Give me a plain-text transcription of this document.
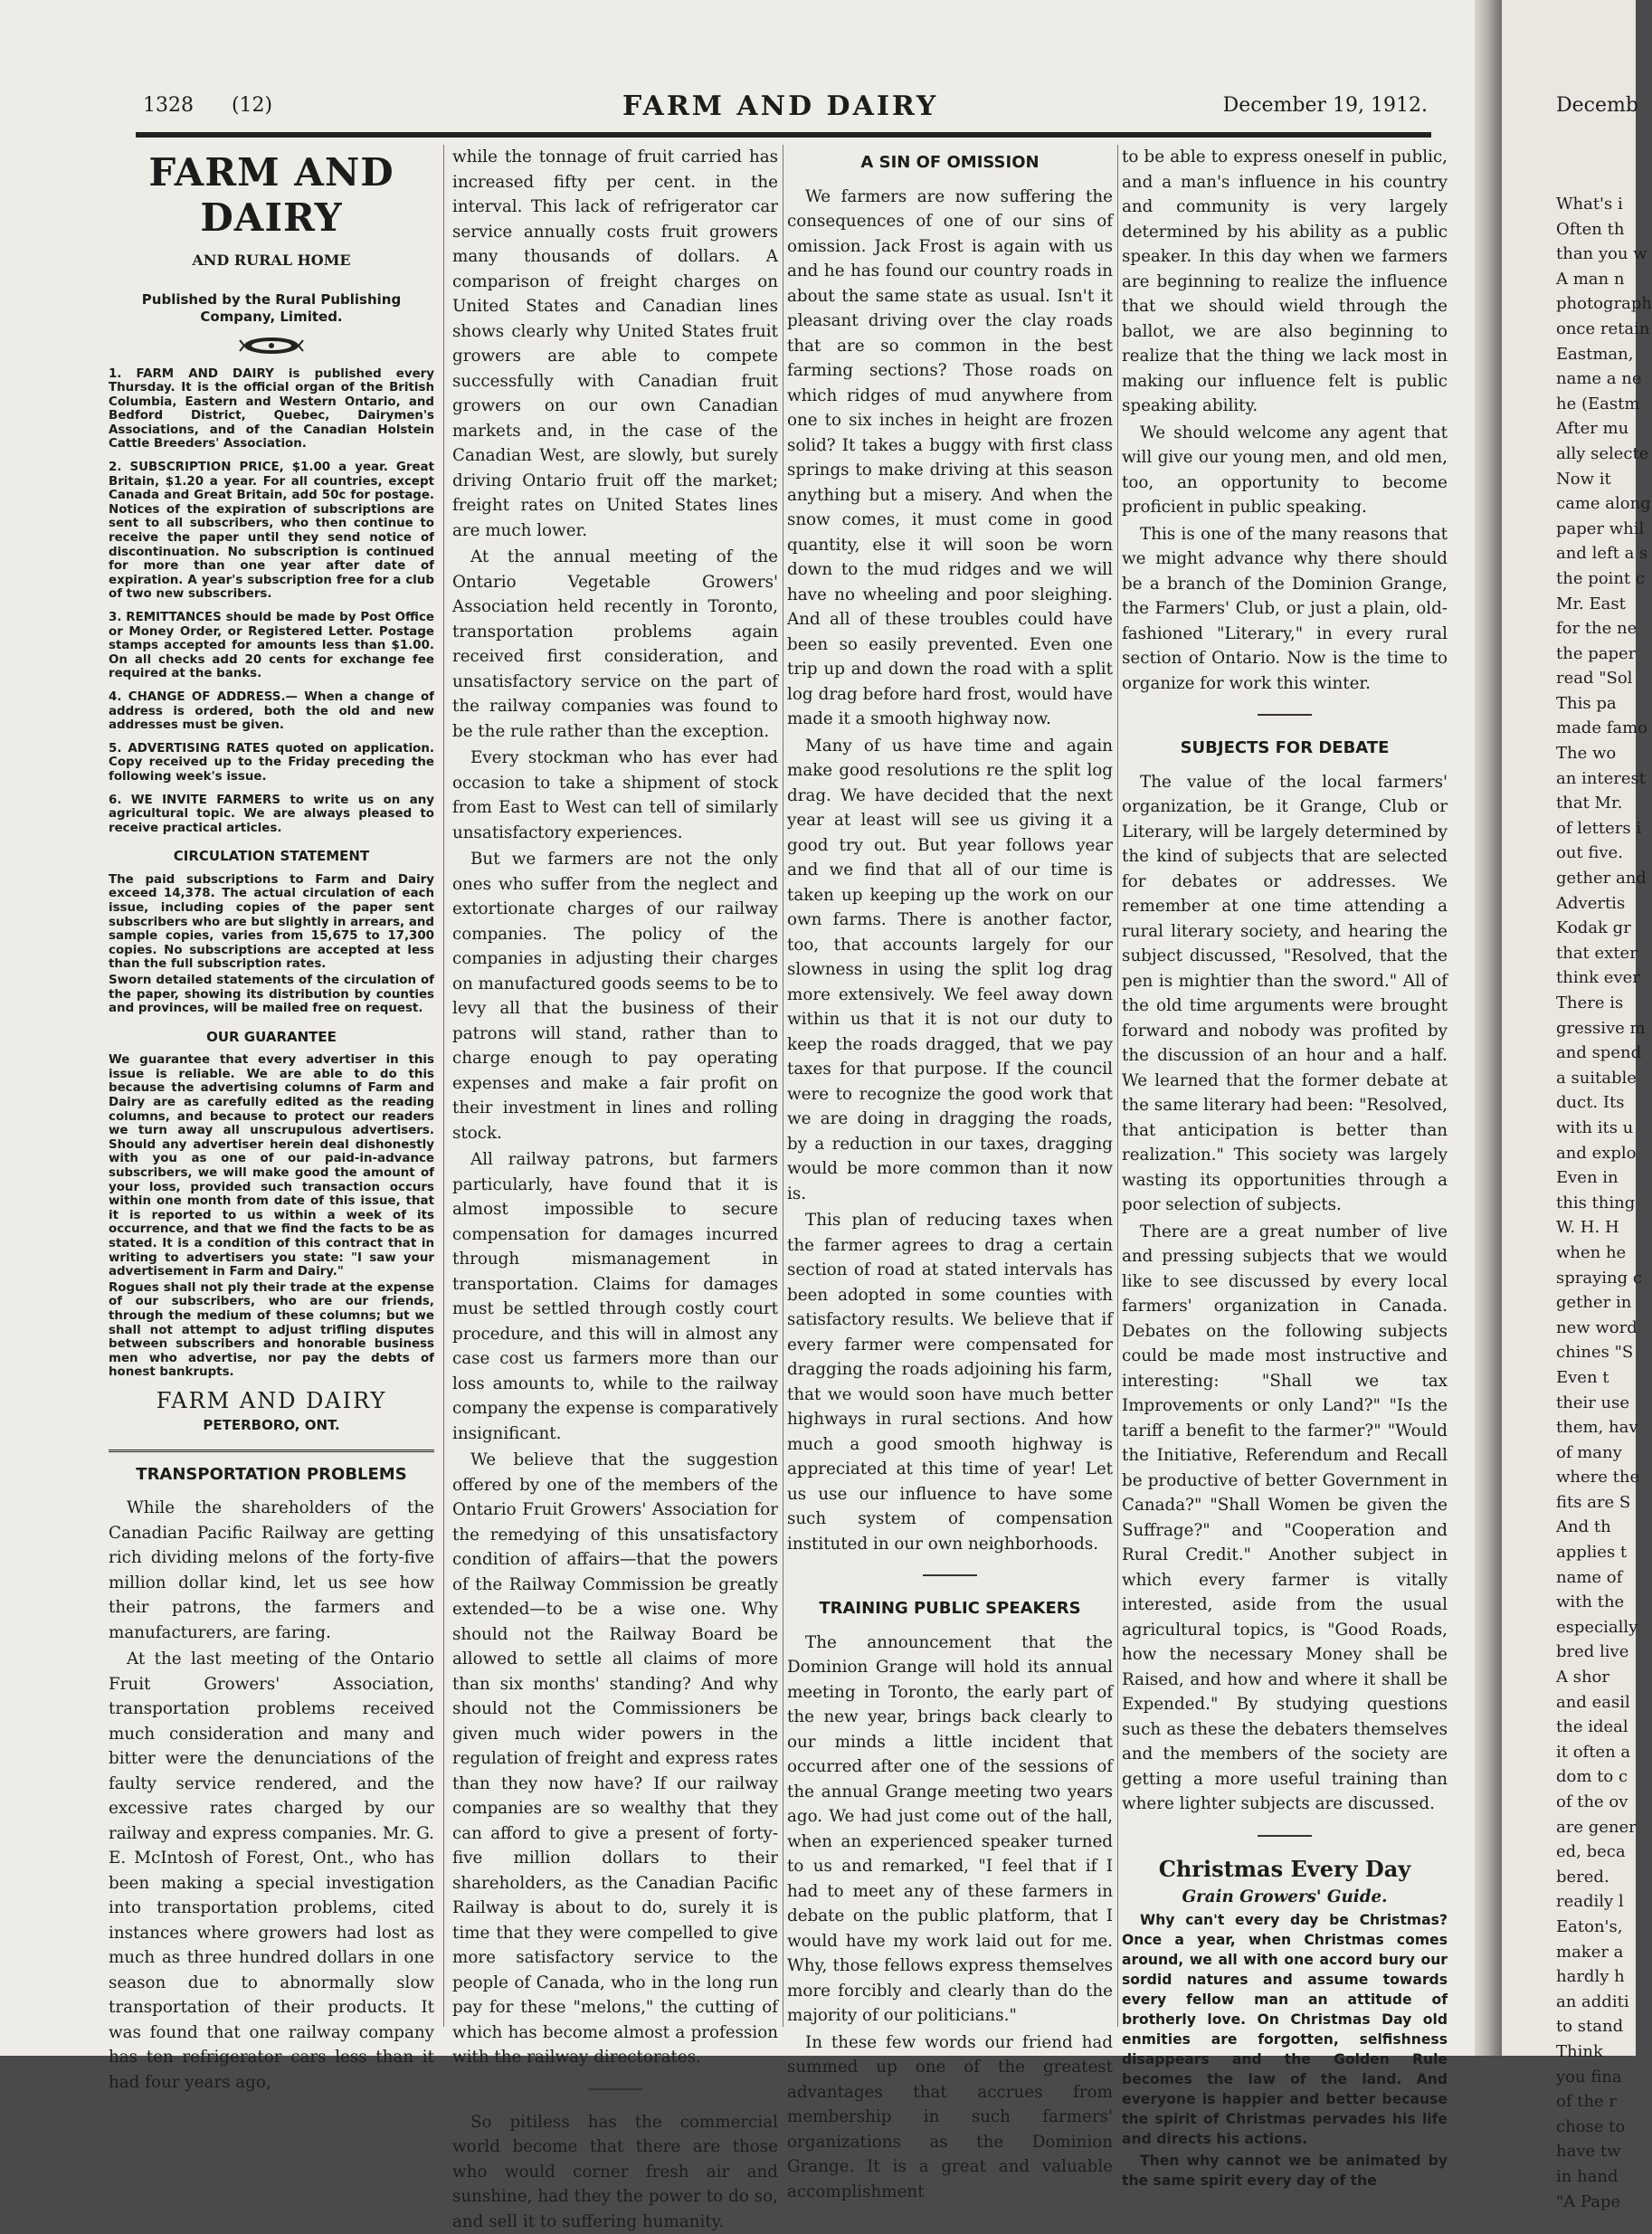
1328 (12)	FARM AND DAIRY	December 19, 1912.
FARM AND DAIRY
AND RURAL HOME
Published by the Rural Publishing Company, Limited.
1. FARM AND DAIRY is published every Thursday. It is the official organ of the British Columbia, Eastern and Western Ontario, and Bedford District, Quebec, Dairymen's Associations, and of the Canadian Holstein Cattle Breeders' Association.
2. SUBSCRIPTION PRICE, $1.00 a year. Great Britain, $1.20 a year. For all countries, except Canada and Great Britain, add 50c for postage. Notices of the expiration of subscriptions are sent to all subscribers, who then continue to receive the paper until they send notice of discontinuation. No subscription is continued for more than one year after date of expiration. A year's subscription free for a club of two new subscribers.
3. REMITTANCES should be made by Post Office or Money Order, or Registered Letter. Postage stamps accepted for amounts less than $1.00. On all checks add 20 cents for exchange fee required at the banks.
4. CHANGE OF ADDRESS.— When a change of address is ordered, both the old and new addresses must be given.
5. ADVERTISING RATES quoted on application. Copy received up to the Friday preceding the following week's issue.
6. WE INVITE FARMERS to write us on any agricultural topic. We are always pleased to receive practical articles.
CIRCULATION STATEMENT
The paid subscriptions to Farm and Dairy exceed 14,378. The actual circulation of each issue, including copies of the paper sent subscribers who are but slightly in arrears, and sample copies, varies from 15,675 to 17,300 copies. No subscriptions are accepted at less than the full subscription rates.
Sworn detailed statements of the circulation of the paper, showing its distribution by counties and provinces, will be mailed free on request.
OUR GUARANTEE
We guarantee that every advertiser in this issue is reliable. We are able to do this because the advertising columns of Farm and Dairy are as carefully edited as the reading columns, and because to protect our readers we turn away all unscrupulous advertisers. Should any advertiser herein deal dishonestly with you as one of our paid-in-advance subscribers, we will make good the amount of your loss, provided such transaction occurs within one month from date of this issue, that it is reported to us within a week of its occurrence, and that we find the facts to be as stated. It is a condition of this contract that in writing to advertisers you state: "I saw your advertisement in Farm and Dairy."
Rogues shall not ply their trade at the expense of our subscribers, who are our friends, through the medium of these columns; but we shall not attempt to adjust trifling disputes between subscribers and honorable business men who advertise, nor pay the debts of honest bankrupts.
FARM AND DAIRY
PETERBORO, ONT.
TRANSPORTATION PROBLEMS

While the shareholders of the Canadian Pacific Railway are getting rich dividing melons of the forty-five million dollar kind, let us see how their patrons, the farmers and manufacturers, are faring.

At the last meeting of the Ontario Fruit Growers' Association, transportation problems received much consideration and many and bitter were the denunciations of the faulty service rendered, and the excessive rates charged by our railway and express companies. Mr. G. E. McIntosh of Forest, Ont., who has been making a special investigation into transportation problems, cited instances where growers had lost as much as three hundred dollars in one season due to abnormally slow transportation of their products. It was found that one railway company has ten refrigerator cars less than it had four years ago,

while the tonnage of fruit carried has increased fifty per cent. in the interval. This lack of refrigerator car service annually costs fruit growers many thousands of dollars. A comparison of freight charges on United States and Canadian lines shows clearly why United States fruit growers are able to compete successfully with Canadian fruit growers on our own Canadian markets and, in the case of the Canadian West, are slowly, but surely driving Ontario fruit off the market; freight rates on United States lines are much lower.

At the annual meeting of the Ontario Vegetable Growers' Association held recently in Toronto, transportation problems again received first consideration, and unsatisfactory service on the part of the railway companies was found to be the rule rather than the exception.

Every stockman who has ever had occasion to take a shipment of stock from East to West can tell of similarly unsatisfactory experiences.

But we farmers are not the only ones who suffer from the neglect and extortionate charges of our railway companies. The policy of the companies in adjusting their charges on manufactured goods seems to be to levy all that the business of their patrons will stand, rather than to charge enough to pay operating expenses and make a fair profit on their investment in lines and rolling stock.

All railway patrons, but farmers particularly, have found that it is almost impossible to secure compensation for damages incurred through mismanagement in transportation. Claims for damages must be settled through costly court procedure, and this will in almost any case cost us farmers more than our loss amounts to, while to the railway company the expense is comparatively insignificant.

We believe that the suggestion offered by one of the members of the Ontario Fruit Growers' Association for the remedying of this unsatisfactory condition of affairs—that the powers of the Railway Commission be greatly extended—to be a wise one. Why should not the Railway Board be allowed to settle all claims of more than six months' standing? And why should not the Commissioners be given much wider powers in the regulation of freight and express rates than they now have? If our railway companies are so wealthy that they can afford to give a present of forty-five million dollars to their shareholders, as the Canadian Pacific Railway is about to do, surely it is time that they were compelled to give more satisfactory service to the people of Canada, who in the long run pay for these "melons," the cutting of which has become almost a profession with the railway directorates.

So pitiless has the commercial world become that there are those who would corner fresh air and sunshine, had they the power to do so, and sell it to suffering humanity.

A SIN OF OMISSION

We farmers are now suffering the consequences of one of our sins of omission. Jack Frost is again with us and he has found our country roads in about the same state as usual. Isn't it pleasant driving over the clay roads that are so common in the best farming sections? Those roads on which ridges of mud anywhere from one to six inches in height are frozen solid? It takes a buggy with first class springs to make driving at this season anything but a misery. And when the snow comes, it must come in good quantity, else it will soon be worn down to the mud ridges and we will have no wheeling and poor sleighing. And all of these troubles could have been so easily prevented. Even one trip up and down the road with a split log drag before hard frost, would have made it a smooth highway now.

Many of us have time and again make good resolutions re the split log drag. We have decided that the next year at least will see us giving it a good try out. But year follows year and we find that all of our time is taken up keeping up the work on our own farms. There is another factor, too, that accounts largely for our slowness in using the split log drag more extensively. We feel away down within us that it is not our duty to keep the roads dragged, that we pay taxes for that purpose. If the council were to recognize the good work that we are doing in dragging the roads, by a reduction in our taxes, dragging would be more common than it now is.

This plan of reducing taxes when the farmer agrees to drag a certain section of road at stated intervals has been adopted in some counties with satisfactory results. We believe that if every farmer were compensated for dragging the roads adjoining his farm, that we would soon have much better highways in rural sections. And how much a good smooth highway is appreciated at this time of year! Let us use our influence to have some such system of compensation instituted in our own neighborhoods.

TRAINING PUBLIC SPEAKERS

The announcement that the Dominion Grange will hold its annual meeting in Toronto, the early part of the new year, brings back clearly to our minds a little incident that occurred after one of the sessions of the annual Grange meeting two years ago. We had just come out of the hall, when an experienced speaker turned to us and remarked, "I feel that if I had to meet any of these farmers in debate on the public platform, that I would have my work laid out for me. Why, those fellows express themselves more forcibly and clearly than do the majority of our politicians."

In these few words our friend had summed up one of the greatest advantages that accrues from membership in such farmers' organizations as the Dominion Grange. It is a great and valuable accomplishment

to be able to express oneself in public, and a man's influence in his country and community is very largely determined by his ability as a public speaker. In this day when we farmers are beginning to realize the influence that we should wield through the ballot, we are also beginning to realize that the thing we lack most in making our influence felt is public speaking ability.

We should welcome any agent that will give our young men, and old men, too, an opportunity to become proficient in public speaking.

This is one of the many reasons that we might advance why there should be a branch of the Dominion Grange, the Farmers' Club, or just a plain, old-fashioned "Literary," in every rural section of Ontario. Now is the time to organize for work this winter.

SUBJECTS FOR DEBATE

The value of the local farmers' organization, be it Grange, Club or Literary, will be largely determined by the kind of subjects that are selected for debates or addresses. We remember at one time attending a rural literary society, and hearing the subject discussed, "Resolved, that the pen is mightier than the sword." All of the old time arguments were brought forward and nobody was profited by the discussion of an hour and a half. We learned that the former debate at the same literary had been: "Resolved, that anticipation is better than realization." This society was largely wasting its opportunities through a poor selection of subjects.

There are a great number of live and pressing subjects that we would like to see discussed by every local farmers' organization in Canada. Debates on the following subjects could be made most instructive and interesting: "Shall we tax Improvements or only Land?" "Is the tariff a benefit to the farmer?" "Would the Initiative, Referendum and Recall be productive of better Government in Canada?" "Shall Women be given the Suffrage?" and "Cooperation and Rural Credit." Another subject in which every farmer is vitally interested, aside from the usual agricultural topics, is "Good Roads, how the necessary Money shall be Raised, and how and where it shall be Expended." By studying questions such as these the debaters themselves and the members of the society are getting a more useful training than where lighter subjects are discussed.

Christmas Every Day
Grain Growers' Guide.

Why can't every day be Christmas? Once a year, when Christmas comes around, we all with one accord bury our sordid natures and assume towards every fellow man an attitude of brotherly love. On Christmas Day old enmities are forgotten, selfishness disappears and the Golden Rule becomes the law of the land. And everyone is happier and better because the spirit of Christmas pervades his life and directs his actions.

Then why cannot we be animated by the same spirit every day of the

Decemb
What's i
Often th
than you w
A man n
photograph
once retain
Eastman,
name a ne
he (Eastm
After mu
ally selecte
Now it
came along
paper whil
and left a s
the point c
Mr. East
for the ne
the paper
read "Sol
This pa
made famo
The wo
an interest
that Mr.
of letters i
out five.
gether and
Advertis
Kodak gr
that exter
think ever
There is
gressive m
and spend
a suitable
duct. Its
with its u
and explo
Even in
this thing
W. H. H
when he
spraying c
gether in
new word
chines "S
Even t
their use
them, hav
of many
where the
fits are S
And th
applies t
name of
with the
especially
bred live
A shor
and easil
the ideal
it often a
dom to c
of the ov
are gener
ed, beca
bered.
readily l
Eaton's,
maker a
hardly h
an additi
to stand
Think
you fina
of the r
chose to
have tw
in hand
"A Pape
